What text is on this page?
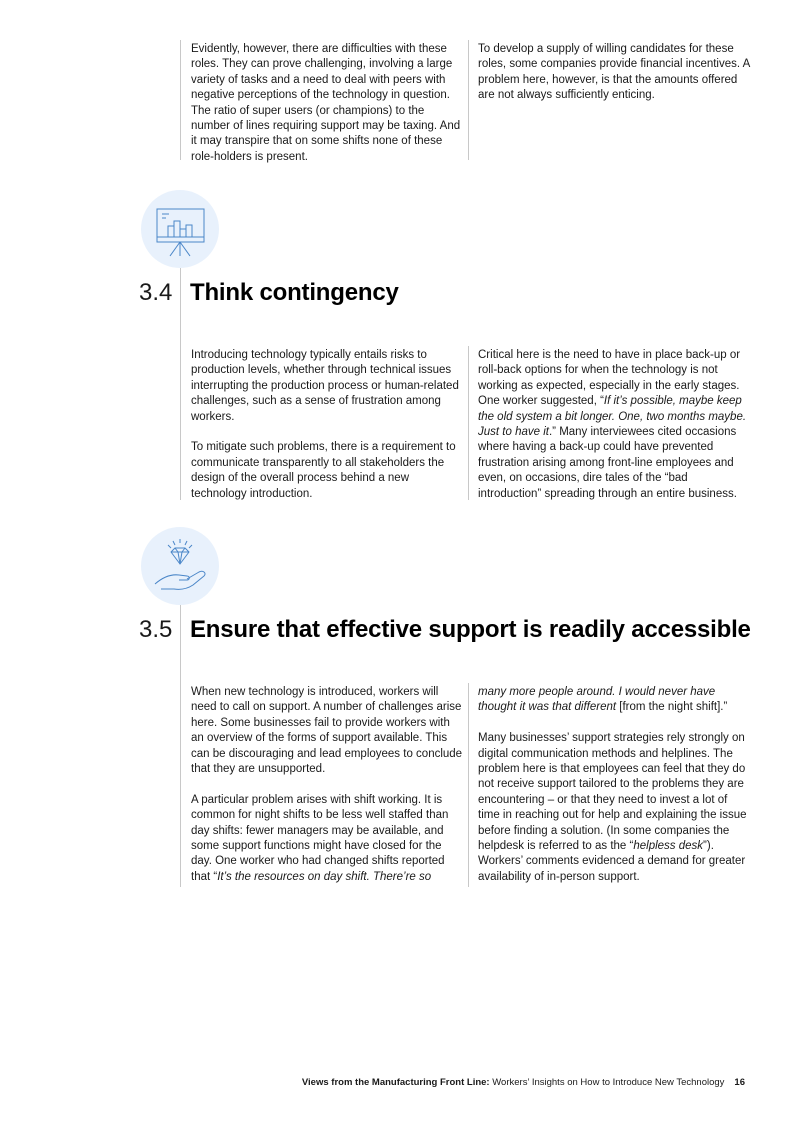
Evidently, however, there are difficulties with these roles. They can prove challenging, involving a large variety of tasks and a need to deal with peers with negative perceptions of the technology in question. The ratio of super users (or champions) to the number of lines requiring support may be taxing. And it may transpire that on some shifts none of these role-holders is present.

To develop a supply of willing candidates for these roles, some companies provide financial incentives. A problem here, however, is that the amounts offered are not always sufficiently enticing.

3.4 Think contingency

Introducing technology typically entails risks to production levels, whether through technical issues interrupting the production process or human-related challenges, such as a sense of frustration among workers.

To mitigate such problems, there is a requirement to communicate transparently to all stakeholders the design of the overall process behind a new technology introduction.

Critical here is the need to have in place back-up or roll-back options for when the technology is not working as expected, especially in the early stages. One worker suggested, “If it’s possible, maybe keep the old system a bit longer. One, two months maybe. Just to have it.” Many interviewees cited occasions where having a back-up could have prevented frustration arising among front-line employees and even, on occasions, dire tales of the “bad introduction” spreading through an entire business.

3.5 Ensure that effective support is readily accessible

When new technology is introduced, workers will need to call on support. A number of challenges arise here. Some businesses fail to provide workers with an overview of the forms of support available. This can be discouraging and lead employees to conclude that they are unsupported.

A particular problem arises with shift working. It is common for night shifts to be less well staffed than day shifts: fewer managers may be available, and some support functions might have closed for the day. One worker who had changed shifts reported that “It’s the resources on day shift. There’re so

many more people around. I would never have thought it was that different [from the night shift].”

Many businesses’ support strategies rely strongly on digital communication methods and helplines. The problem here is that employees can feel that they do not receive support tailored to the problems they are encountering – or that they need to invest a lot of time in reaching out for help and explaining the issue before finding a solution. (In some companies the helpdesk is referred to as the “helpless desk”). Workers’ comments evidenced a demand for greater availability of in-person support.

Views from the Manufacturing Front Line: Workers’ Insights on How to Introduce New Technology 16
